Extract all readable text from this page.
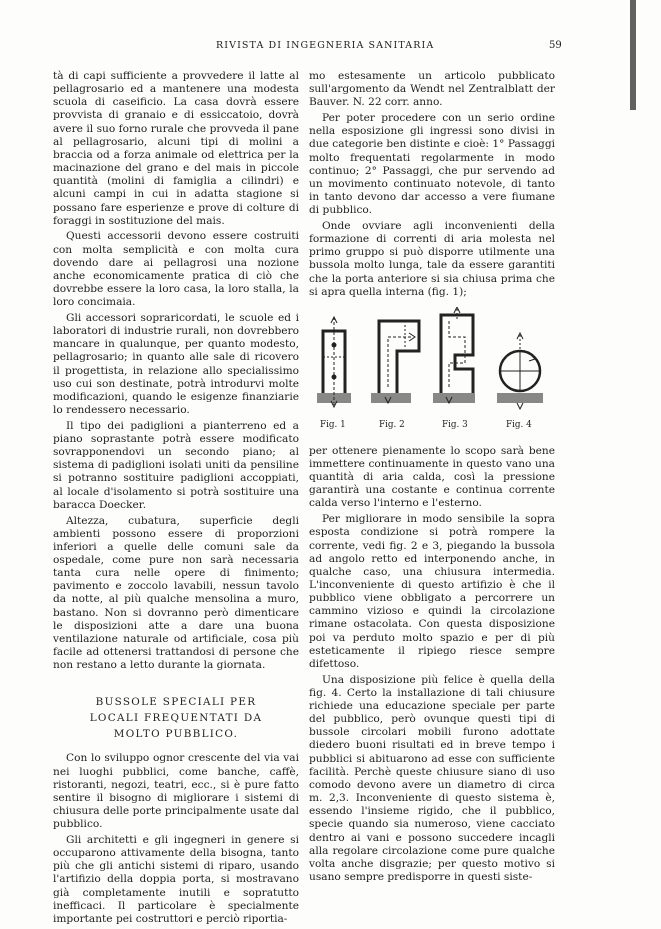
RIVISTA DI INGEGNERIA SANITARIA	59

tà di capi sufficiente a provvedere il latte al pellagrosario ed a mantenere una modesta scuola di caseificio. La casa dovrà essere provvista di granaio e di essiccatoio, dovrà avere il suo forno rurale che provveda il pane al pellagrosario, alcuni tipi di molini a braccia od a forza animale od elettrica per la macinazione del grano e del mais in piccole quantità (molini di famiglia a cilindri) e alcuni campi in cui in adatta stagione si possano fare esperienze e prove di colture di foraggi in sostituzione del mais.

Questi accessorii devono essere costruiti con molta semplicità e con molta cura dovendo dare ai pellagrosi una nozione anche economicamente pratica di ciò che dovrebbe essere la loro casa, la loro stalla, la loro concimaia.

Gli accessori sopraricordati, le scuole ed i laboratori di industrie rurali, non dovrebbero mancare in qualunque, per quanto modesto, pellagrosario; in quanto alle sale di ricovero il progettista, in relazione allo specialissimo uso cui son destinate, potrà introdurvi molte modificazioni, quando le esigenze finanziarie lo rendessero necessario.

Il tipo dei padiglioni a pianterreno ed a piano soprastante potrà essere modificato sovrapponendovi un secondo piano; al sistema di padiglioni isolati uniti da pensiline si potranno sostituire padiglioni accoppiati, al locale d'isolamento si potrà sostituire una baracca Doecker.

Altezza, cubatura, superficie degli ambienti possono essere di proporzioni inferiori a quelle delle comuni sale da ospedale, come pure non sarà necessaria tanta cura nelle opere di finimento; pavimento e zoccolo lavabili, nessun tavolo da notte, al più qualche mensolina a muro, bastano. Non si dovranno però dimenticare le disposizioni atte a dare una buona ventilazione naturale od artificiale, cosa più facile ad ottenersi trattandosi di persone che non restano a letto durante la giornata.

BUSSOLE SPECIALI PER
LOCALI FREQUENTATI DA
MOLTO PUBBLICO.

Con lo sviluppo ognor crescente del via vai nei luoghi pubblici, come banche, caffè, ristoranti, negozi, teatri, ecc., si è pure fatto sentire il bisogno di migliorare i sistemi di chiusura delle porte principalmente usate dal pubblico.

Gli architetti e gli ingegneri in genere si occuparono attivamente della bisogna, tanto più che gli antichi sistemi di riparo, usando l'artifizio della doppia porta, si mostravano già completamente inutili e sopratutto inefficaci. Il particolare è specialmente importante pei costruttori e perciò riportia-

mo estesamente un articolo pubblicato sull'argomento da Wendt nel Zentralblatt der Bauver. N. 22 corr. anno.

Per poter procedere con un serio ordine nella esposizione gli ingressi sono divisi in due categorie ben distinte e cioè: 1° Passaggi molto frequentati regolarmente in modo continuo; 2° Passaggi, che pur servendo ad un movimento continuato notevole, di tanto in tanto devono dar accesso a vere fiumane di pubblico.

Onde ovviare agli inconvenienti della formazione di correnti di aria molesta nel primo gruppo si può disporre utilmente una bussola molto lunga, tale da essere garantiti che la porta anteriore si sia chiusa prima che si apra quella interna (fig. 1);

Fig. 1	Fig. 2	Fig. 3	Fig. 4

per ottenere pienamente lo scopo sarà bene immettere continuamente in questo vano una quantità di aria calda, così la pressione garantirà una costante e continua corrente calda verso l'interno e l'esterno.

Per migliorare in modo sensibile la sopra esposta condizione si potrà rompere la corrente, vedi fig. 2 e 3, piegando la bussola ad angolo retto ed interponendo anche, in qualche caso, una chiusura intermedia. L'inconveniente di questo artifizio è che il pubblico viene obbligato a percorrere un cammino vizioso e quindi la circolazione rimane ostacolata. Con questa disposizione poi va perduto molto spazio e per di più esteticamente il ripiego riesce sempre difettoso.

Una disposizione più felice è quella della fig. 4. Certo la installazione di tali chiusure richiede una educazione speciale per parte del pubblico, però ovunque questi tipi di bussole circolari mobili furono adottate diedero buoni risultati ed in breve tempo i pubblici si abituarono ad esse con sufficiente facilità. Perchè queste chiusure siano di uso comodo devono avere un diametro di circa m. 2,3. Inconveniente di questo sistema è, essendo l'insieme rigido, che il pubblico, specie quando sia numeroso, viene cacciato dentro ai vani e possono succedere incagli alla regolare circolazione come pure qualche volta anche disgrazie; per questo motivo si usano sempre predisporre in questi siste-
